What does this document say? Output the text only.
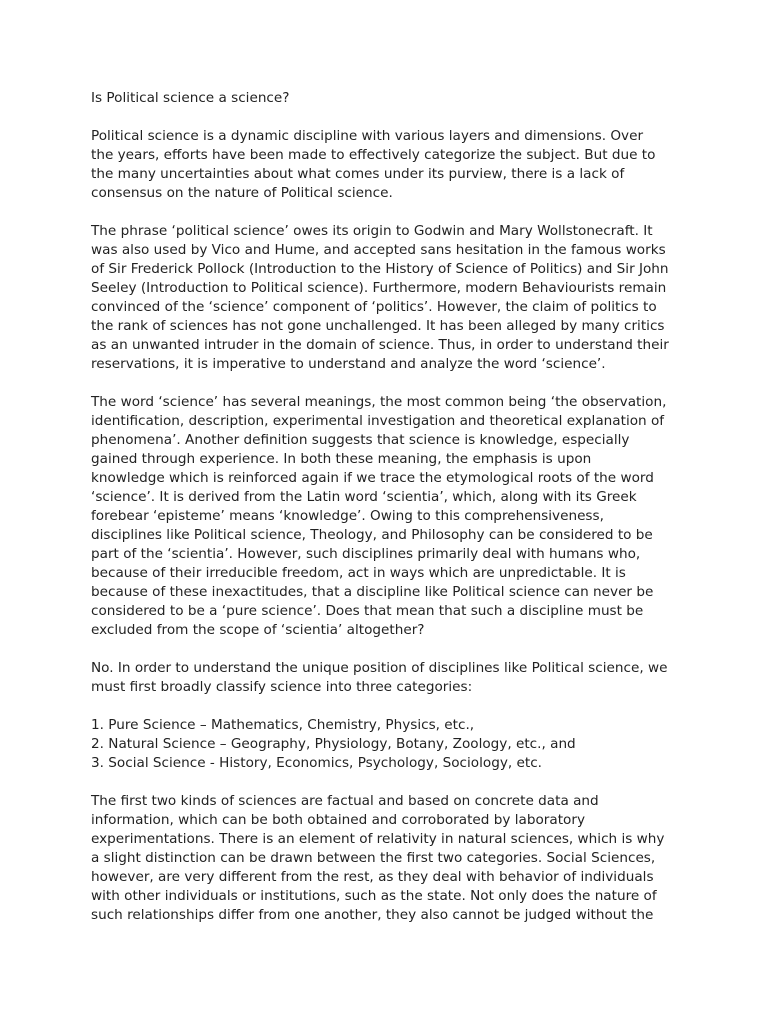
Is Political science a science?

Political science is a dynamic discipline with various layers and dimensions. Over
the years, efforts have been made to effectively categorize the subject. But due to
the many uncertainties about what comes under its purview, there is a lack of
consensus on the nature of Political science.

The phrase ‘political science’ owes its origin to Godwin and Mary Wollstonecraft. It
was also used by Vico and Hume, and accepted sans hesitation in the famous works
of Sir Frederick Pollock (Introduction to the History of Science of Politics) and Sir John
Seeley (Introduction to Political science). Furthermore, modern Behaviourists remain
convinced of the ‘science’ component of ‘politics’. However, the claim of politics to
the rank of sciences has not gone unchallenged. It has been alleged by many critics
as an unwanted intruder in the domain of science. Thus, in order to understand their
reservations, it is imperative to understand and analyze the word ‘science’.

The word ‘science’ has several meanings, the most common being ‘the observation,
identification, description, experimental investigation and theoretical explanation of
phenomena’. Another definition suggests that science is knowledge, especially
gained through experience. In both these meaning, the emphasis is upon
knowledge which is reinforced again if we trace the etymological roots of the word
‘science’. It is derived from the Latin word ‘scientia’, which, along with its Greek
forebear ‘episteme’ means ‘knowledge’. Owing to this comprehensiveness,
disciplines like Political science, Theology, and Philosophy can be considered to be
part of the ‘scientia’. However, such disciplines primarily deal with humans who,
because of their irreducible freedom, act in ways which are unpredictable. It is
because of these inexactitudes, that a discipline like Political science can never be
considered to be a ‘pure science’. Does that mean that such a discipline must be
excluded from the scope of ‘scientia’ altogether?

No. In order to understand the unique position of disciplines like Political science, we
must first broadly classify science into three categories:

1. Pure Science – Mathematics, Chemistry, Physics, etc.,
2. Natural Science – Geography, Physiology, Botany, Zoology, etc., and
3. Social Science - History, Economics, Psychology, Sociology, etc.

The first two kinds of sciences are factual and based on concrete data and
information, which can be both obtained and corroborated by laboratory
experimentations. There is an element of relativity in natural sciences, which is why
a slight distinction can be drawn between the first two categories. Social Sciences,
however, are very different from the rest, as they deal with behavior of individuals
with other individuals or institutions, such as the state. Not only does the nature of
such relationships differ from one another, they also cannot be judged without the
